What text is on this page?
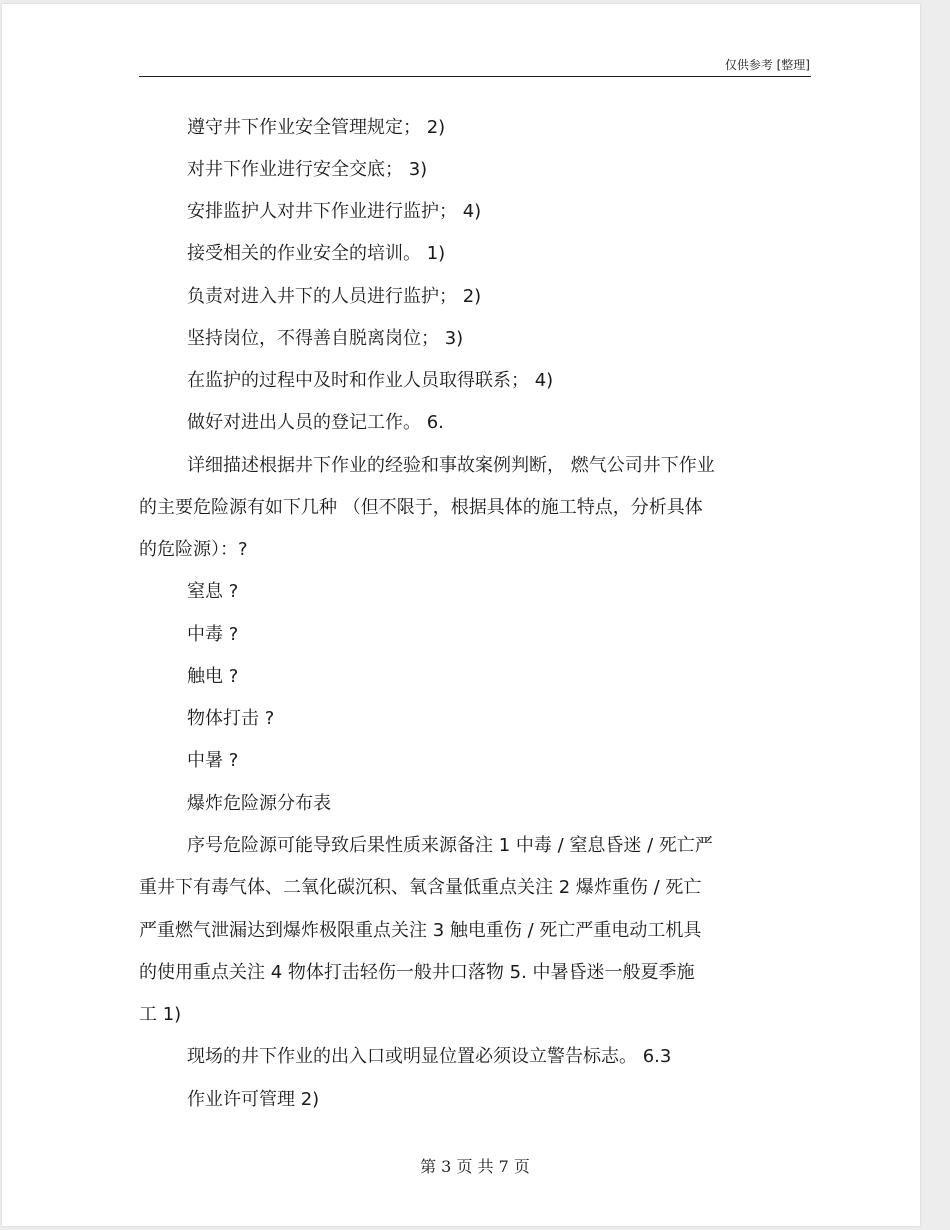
仅供参考 [整理]
遵守井下作业安全管理规定； 2)
对井下作业进行安全交底； 3)
安排监护人对井下作业进行监护； 4)
接受相关的作业安全的培训。 1)
负责对进入井下的人员进行监护； 2)
坚持岗位，不得善自脱离岗位； 3)
在监护的过程中及时和作业人员取得联系； 4)
做好对进出人员的登记工作。 6.
详细描述根据井下作业的经验和事故案例判断， 燃气公司井下作业
的主要危险源有如下几种 （但不限于，根据具体的施工特点，分析具体
的危险源）：?
窒息 ?
中毒 ?
触电 ?
物体打击 ?
中暑 ?
爆炸危险源分布表
序号危险源可能导致后果性质来源备注 1 中毒 / 窒息昏迷 / 死亡严
重井下有毒气体、二氧化碳沉积、氧含量低重点关注 2 爆炸重伤 / 死亡
严重燃气泄漏达到爆炸极限重点关注 3 触电重伤 / 死亡严重电动工机具
的使用重点关注 4 物体打击轻伤一般井口落物 5. 中暑昏迷一般夏季施
工 1)
现场的井下作业的出入口或明显位置必须设立警告标志。 6.3
作业许可管理 2)
第 3 页 共 7 页
